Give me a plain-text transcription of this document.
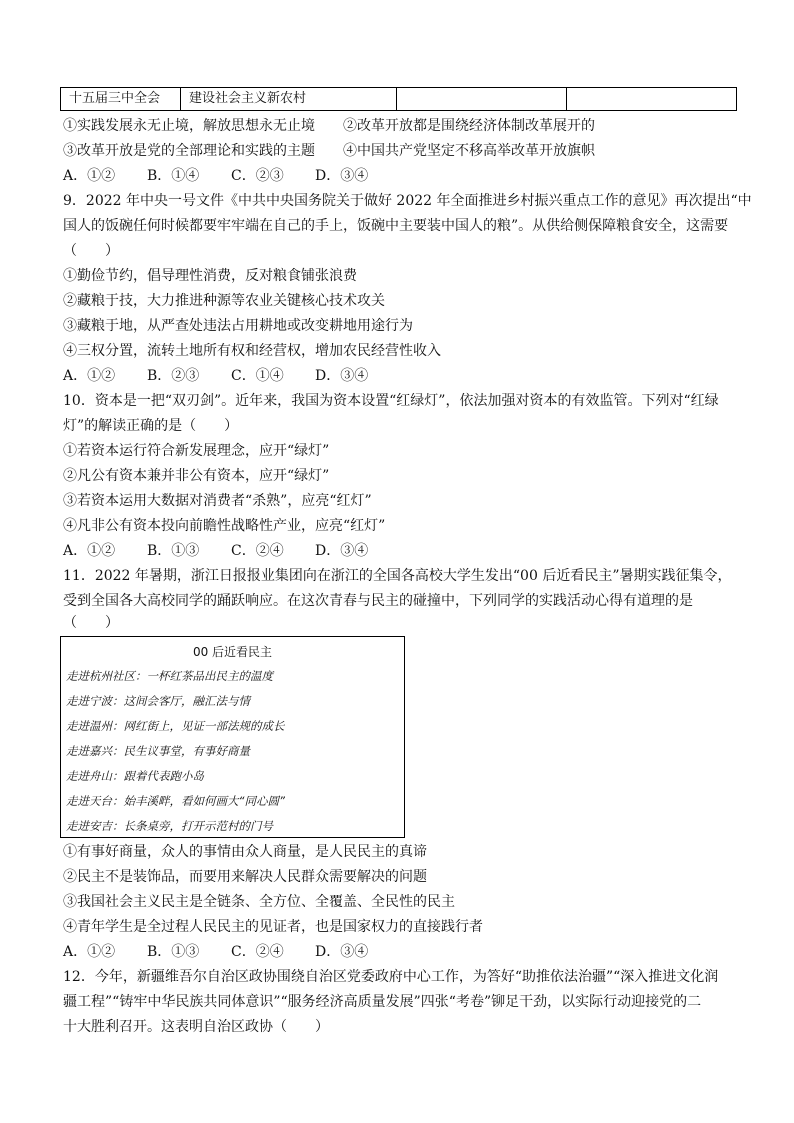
十五届三中全会	建设社会主义新农村
①实践发展永无止境，解放思想永无止境 ②改革开放都是围绕经济体制改革展开的
③改革开放是党的全部理论和实践的主题 ④中国共产党坚定不移高举改革开放旗帜
A．①② B．①④ C．②③ D．③④
9．2022 年中央一号文件《中共中央国务院关于做好 2022 年全面推进乡村振兴重点工作的意见》再次提出“中
国人的饭碗任何时候都要牢牢端在自己的手上，饭碗中主要装中国人的粮”。从供给侧保障粮食安全，这需要
（　　）
①勤俭节约，倡导理性消费，反对粮食铺张浪费
②藏粮于技，大力推进种源等农业关键核心技术攻关
③藏粮于地，从严查处违法占用耕地或改变耕地用途行为
④三权分置，流转土地所有权和经营权，增加农民经营性收入
A．①② B．②③ C．①④ D．③④
10．资本是一把“双刃剑”。近年来，我国为资本设置“红绿灯”，依法加强对资本的有效监管。下列对“红绿
灯”的解读正确的是（　　）
①若资本运行符合新发展理念，应开“绿灯”
②凡公有资本兼并非公有资本，应开“绿灯”
③若资本运用大数据对消费者“杀熟”，应亮“红灯”
④凡非公有资本投向前瞻性战略性产业，应亮“红灯”
A．①② B．①③ C．②④ D．③④
11．2022 年暑期，浙江日报报业集团向在浙江的全国各高校大学生发出“00 后近看民主”暑期实践征集令，
受到全国各大高校同学的踊跃响应。在这次青春与民主的碰撞中，下列同学的实践活动心得有道理的是
（　　）
00 后近看民主
走进杭州社区：一杯红茶品出民主的温度
走进宁波：这间会客厅，融汇法与情
走进温州：网红街上，见证一部法规的成长
走进嘉兴：民生议事堂，有事好商量
走进舟山：跟着代表跑小岛
走进天台：始丰溪畔，看如何画大“同心圆”
走进安吉：长条桌旁，打开示范村的门号
①有事好商量，众人的事情由众人商量，是人民民主的真谛
②民主不是装饰品，而要用来解决人民群众需要解决的问题
③我国社会主义民主是全链条、全方位、全覆盖、全民性的民主
④青年学生是全过程人民民主的见证者，也是国家权力的直接践行者
A．①② B．①③ C．②④ D．③④
12．今年，新疆维吾尔自治区政协围绕自治区党委政府中心工作，为答好“助推依法治疆”“深入推进文化润
疆工程”“铸牢中华民族共同体意识”“服务经济高质量发展”四张“考卷”铆足干劲，以实际行动迎接党的二
十大胜利召开。这表明自治区政协（　　）
